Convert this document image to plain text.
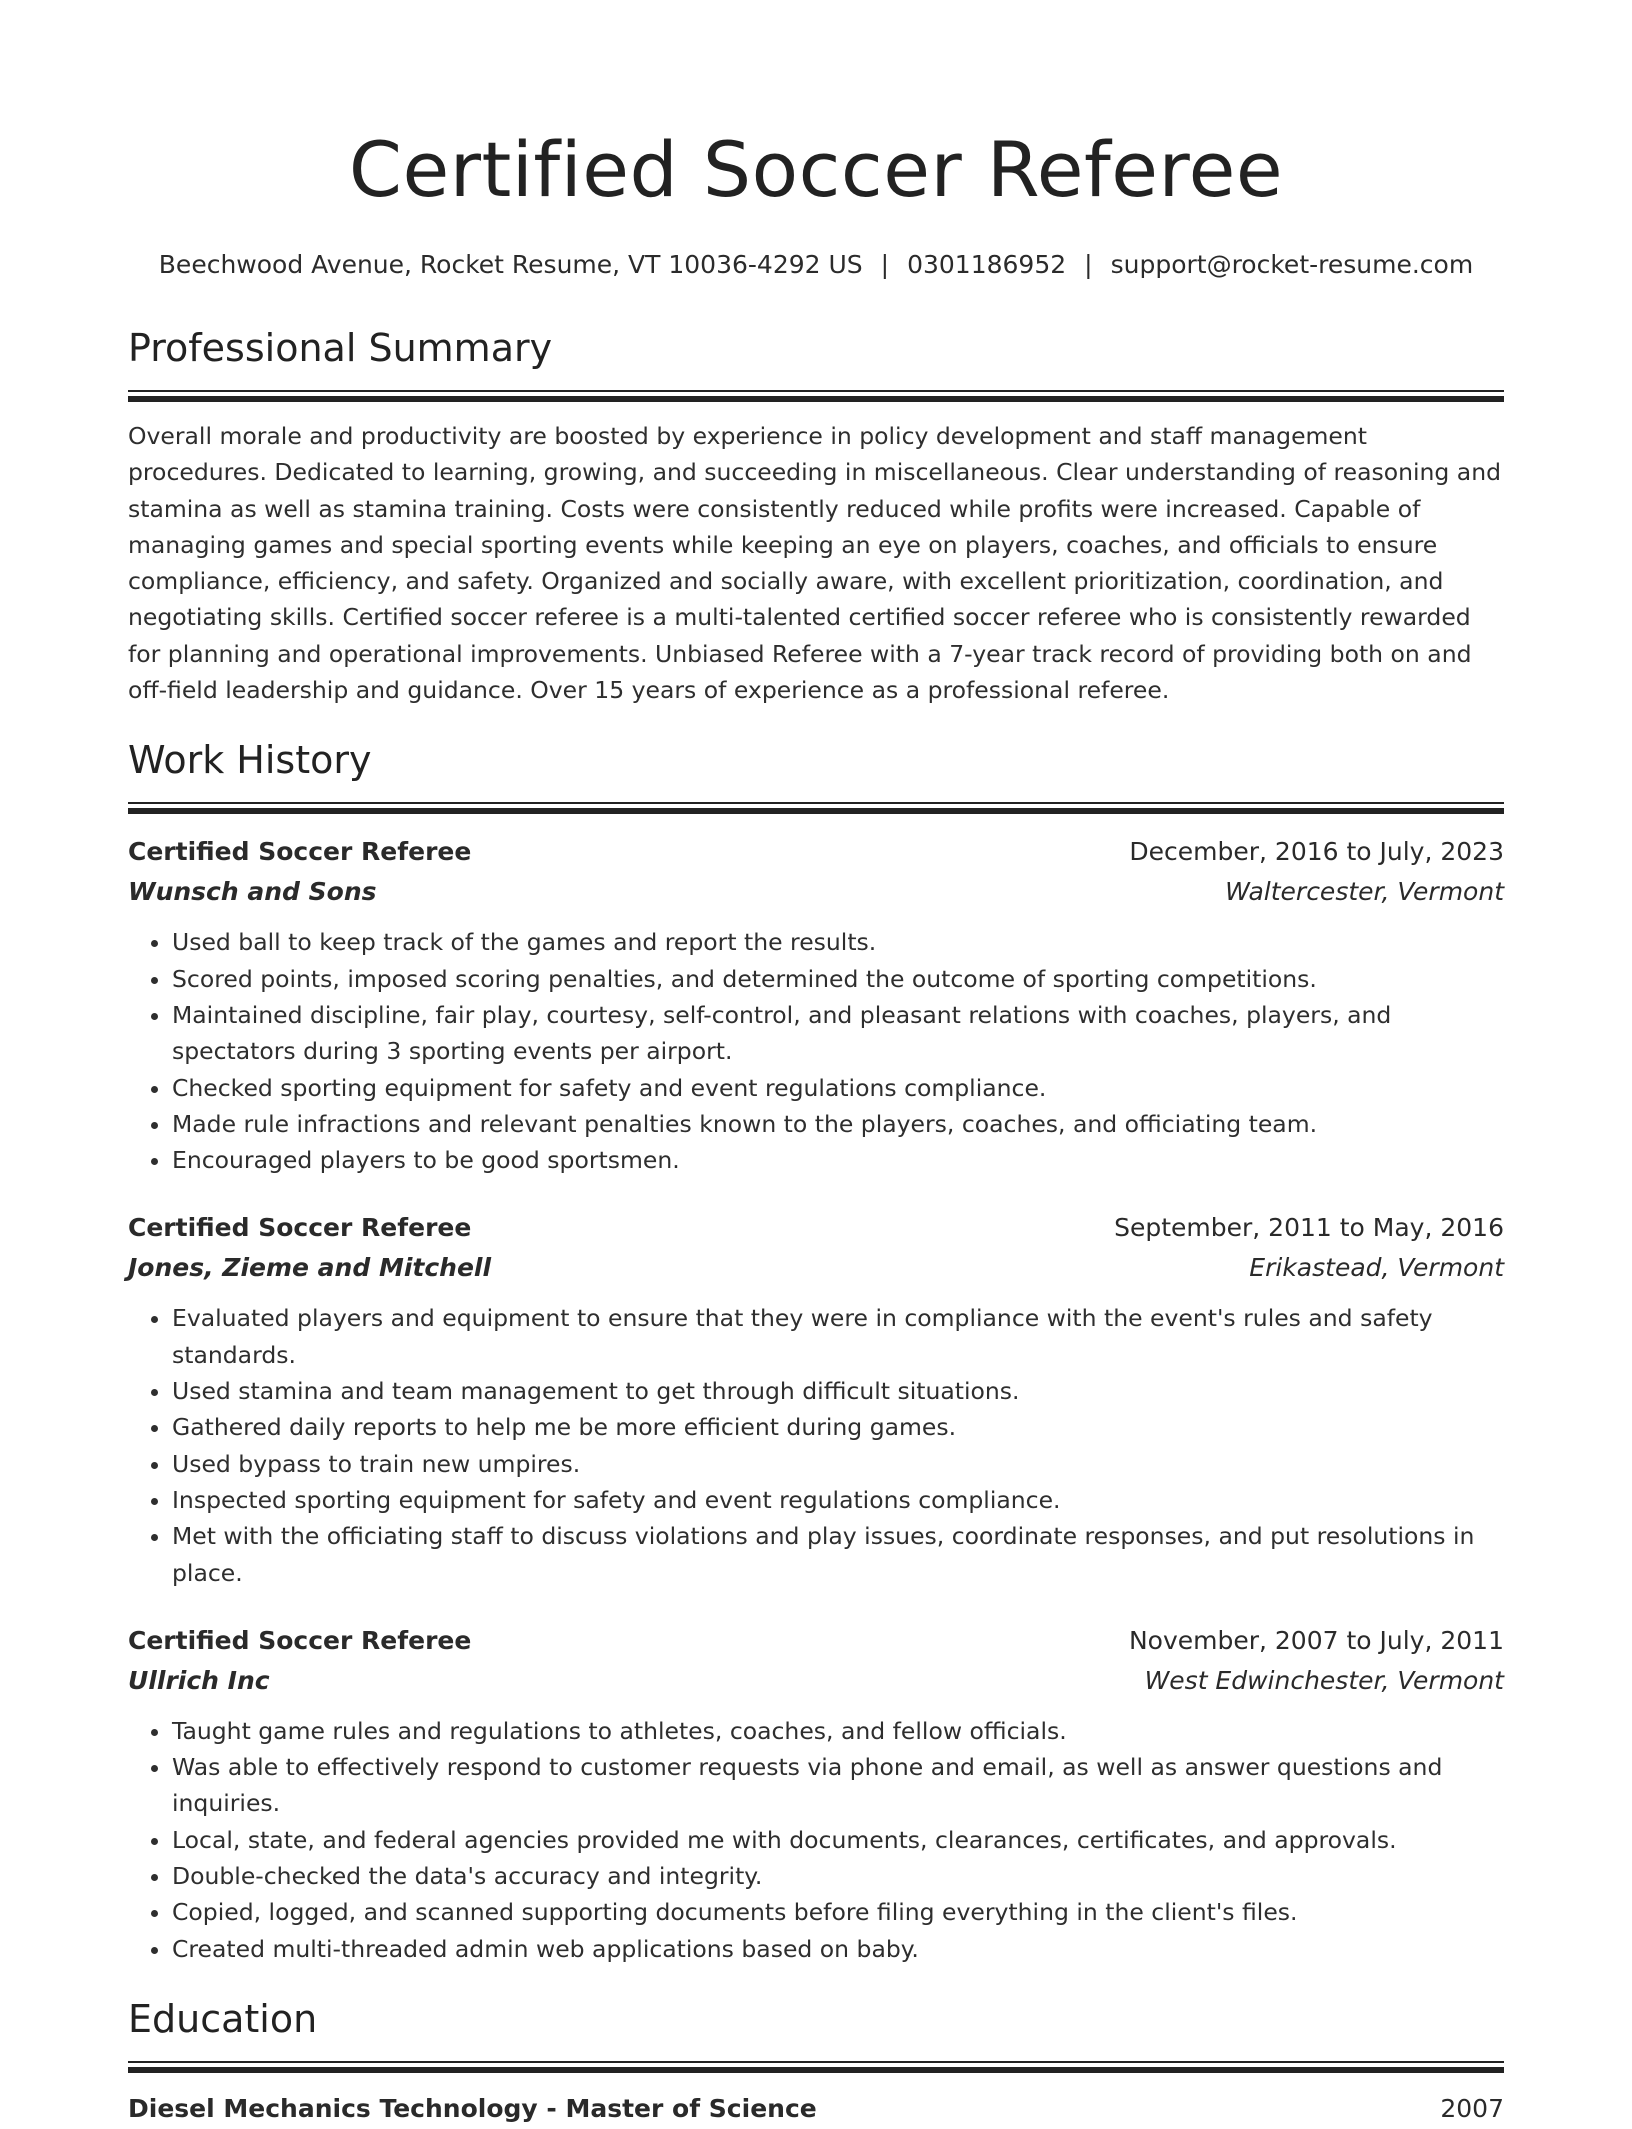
Certified Soccer Referee
Beechwood Avenue, Rocket Resume, VT 10036-4292 US | 0301186952 | support@rocket-resume.com
Professional Summary

Overall morale and productivity are boosted by experience in policy development and staff management procedures. Dedicated to learning, growing, and succeeding in miscellaneous. Clear understanding of reasoning and stamina as well as stamina training. Costs were consistently reduced while profits were increased. Capable of managing games and special sporting events while keeping an eye on players, coaches, and officials to ensure compliance, efficiency, and safety. Organized and socially aware, with excellent prioritization, coordination, and negotiating skills. Certified soccer referee is a multi-talented certified soccer referee who is consistently rewarded for planning and operational improvements. Unbiased Referee with a 7-year track record of providing both on and off-field leadership and guidance. Over 15 years of experience as a professional referee.

Work History
Certified Soccer Referee	December, 2016 to July, 2023
Wunsch and Sons	Waltercester, Vermont
• Used ball to keep track of the games and report the results.
• Scored points, imposed scoring penalties, and determined the outcome of sporting competitions.
• Maintained discipline, fair play, courtesy, self-control, and pleasant relations with coaches, players, and spectators during 3 sporting events per airport.
• Checked sporting equipment for safety and event regulations compliance.
• Made rule infractions and relevant penalties known to the players, coaches, and officiating team.
• Encouraged players to be good sportsmen.
Certified Soccer Referee	September, 2011 to May, 2016
Jones, Zieme and Mitchell	Erikastead, Vermont
• Evaluated players and equipment to ensure that they were in compliance with the event's rules and safety standards.
• Used stamina and team management to get through difficult situations.
• Gathered daily reports to help me be more efficient during games.
• Used bypass to train new umpires.
• Inspected sporting equipment for safety and event regulations compliance.
• Met with the officiating staff to discuss violations and play issues, coordinate responses, and put resolutions in place.
Certified Soccer Referee	November, 2007 to July, 2011
Ullrich Inc	West Edwinchester, Vermont
• Taught game rules and regulations to athletes, coaches, and fellow officials.
• Was able to effectively respond to customer requests via phone and email, as well as answer questions and inquiries.
• Local, state, and federal agencies provided me with documents, clearances, certificates, and approvals.
• Double-checked the data's accuracy and integrity.
• Copied, logged, and scanned supporting documents before filing everything in the client's files.
• Created multi-threaded admin web applications based on baby.
Education
Diesel Mechanics Technology - Master of Science	2007
